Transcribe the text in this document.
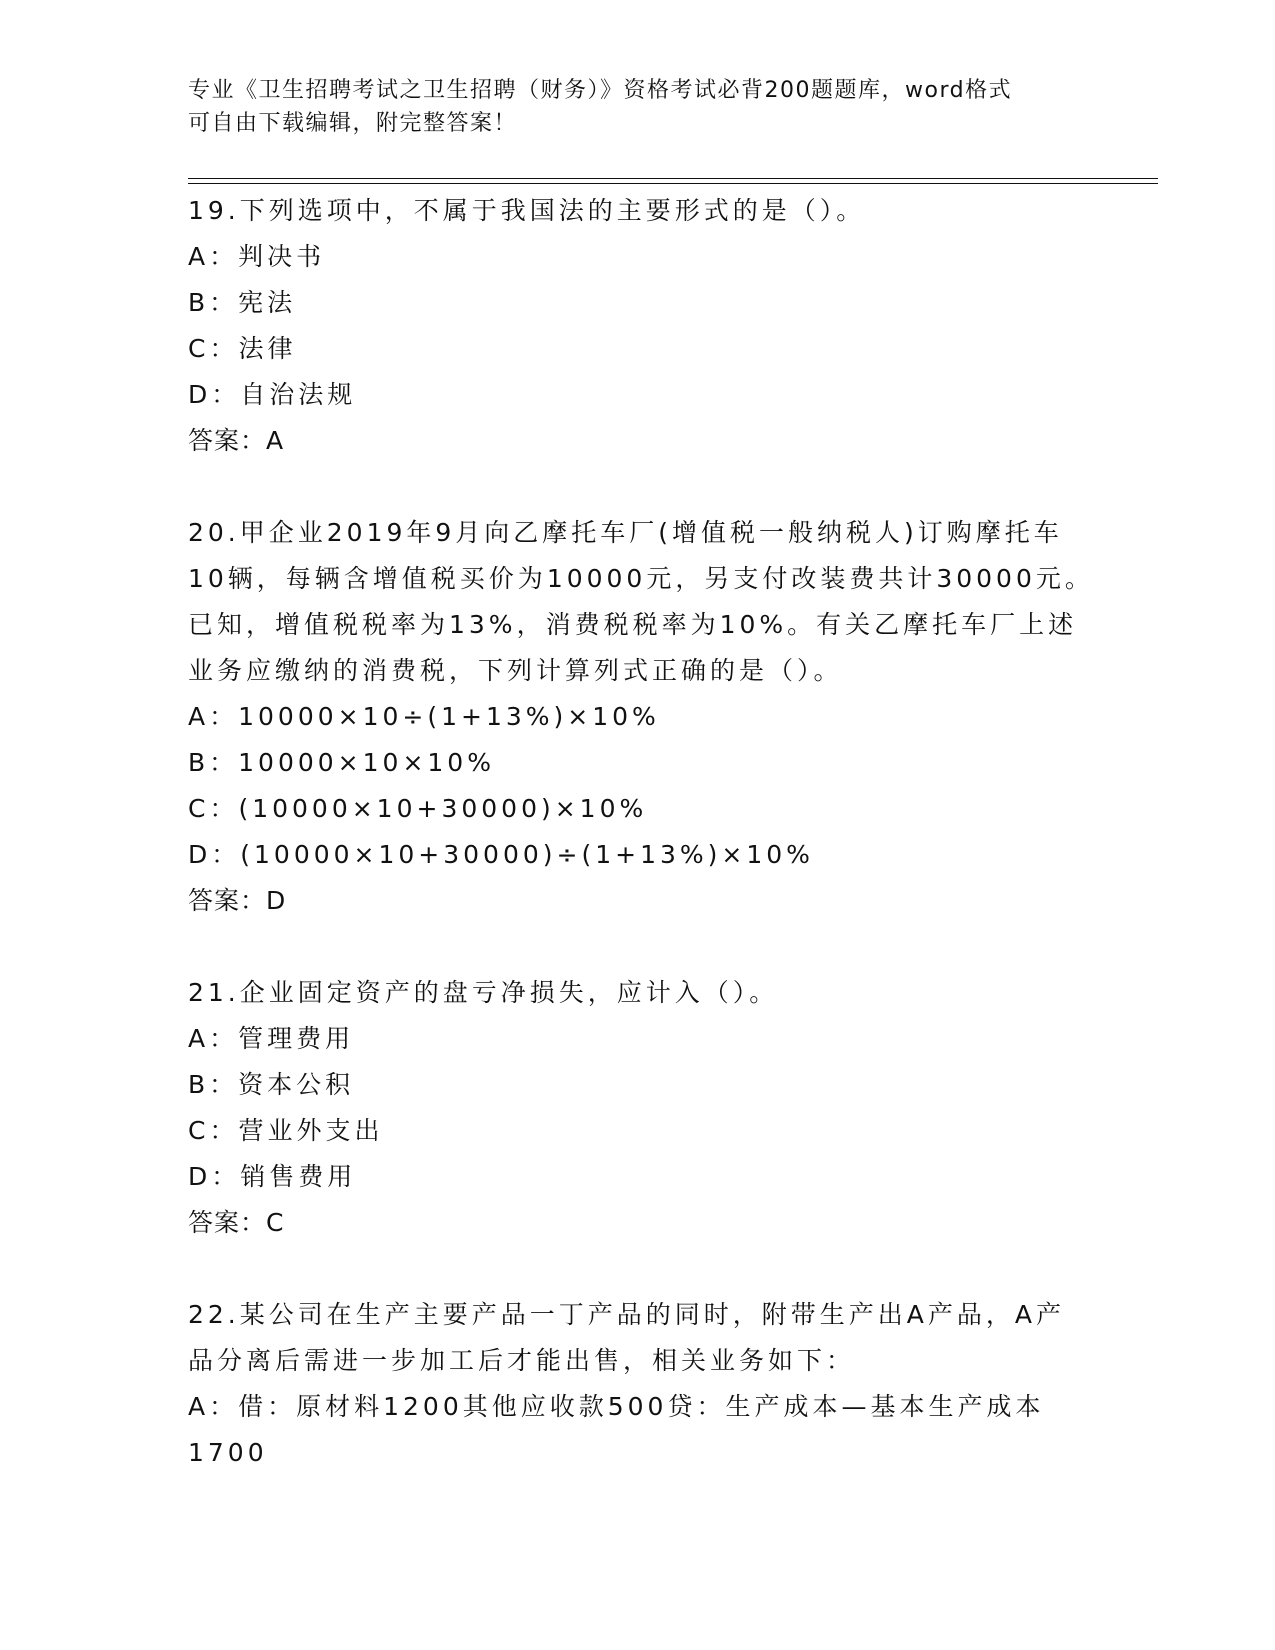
专业《卫生招聘考试之卫生招聘（财务）》资格考试必背200题题库，word格式
可自由下载编辑，附完整答案！
19.下列选项中，不属于我国法的主要形式的是（）。
A：判决书
B：宪法
C：法律
D：自治法规
答案：A
20.甲企业2019年9月向乙摩托车厂(增值税一般纳税人)订购摩托车
10辆，每辆含增值税买价为10000元，另支付改装费共计30000元。
已知，增值税税率为13%，消费税税率为10%。有关乙摩托车厂上述
业务应缴纳的消费税，下列计算列式正确的是（）。
A：10000×10÷(1+13%)×10%
B：10000×10×10%
C：(10000×10+30000)×10%
D：(10000×10+30000)÷(1+13%)×10%
答案：D
21.企业固定资产的盘亏净损失，应计入（）。
A：管理费用
B：资本公积
C：营业外支出
D：销售费用
答案：C
22.某公司在生产主要产品一丁产品的同时，附带生产出A产品，A产
品分离后需进一步加工后才能出售，相关业务如下：
A：借：原材料1200其他应收款500贷：生产成本—基本生产成本
1700
